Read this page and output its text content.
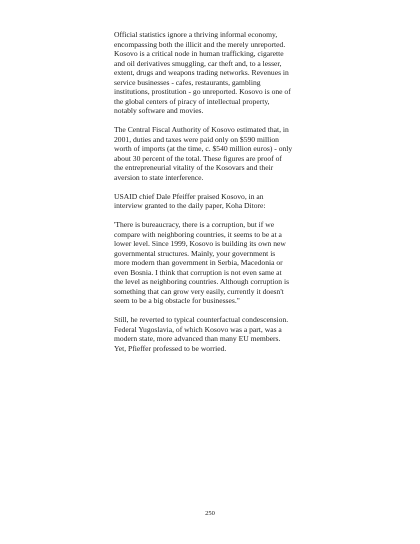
Official statistics ignore a thriving informal economy,
encompassing both the illicit and the merely unreported.
Kosovo is a critical node in human trafficking, cigarette
and oil derivatives smuggling, car theft and, to a lesser,
extent, drugs and weapons trading networks. Revenues in
service businesses - cafes, restaurants, gambling
institutions, prostitution - go unreported. Kosovo is one of
the global centers of piracy of intellectual property,
notably software and movies.

The Central Fiscal Authority of Kosovo estimated that, in
2001, duties and taxes were paid only on $590 million
worth of imports (at the time, c. $540 million euros) - only
about 30 percent of the total. These figures are proof of
the entrepreneurial vitality of the Kosovars and their
aversion to state interference.

USAID chief Dale Pfeiffer praised Kosovo, in an
interview granted to the daily paper, Koha Ditore:

'There is bureaucracy, there is a corruption, but if we
compare with neighboring countries, it seems to be at a
lower level. Since 1999, Kosovo is building its own new
governmental structures. Mainly, your government is
more modern than government in Serbia, Macedonia or
even Bosnia. I think that corruption is not even same at
the level as neighboring countries. Although corruption is
something that can grow very easily, currently it doesn't
seem to be a big obstacle for businesses."

Still, he reverted to typical counterfactual condescension.
Federal Yugoslavia, of which Kosovo was a part, was a
modern state, more advanced than many EU members.
Yet, Pfieffer professed to be worried.

250
